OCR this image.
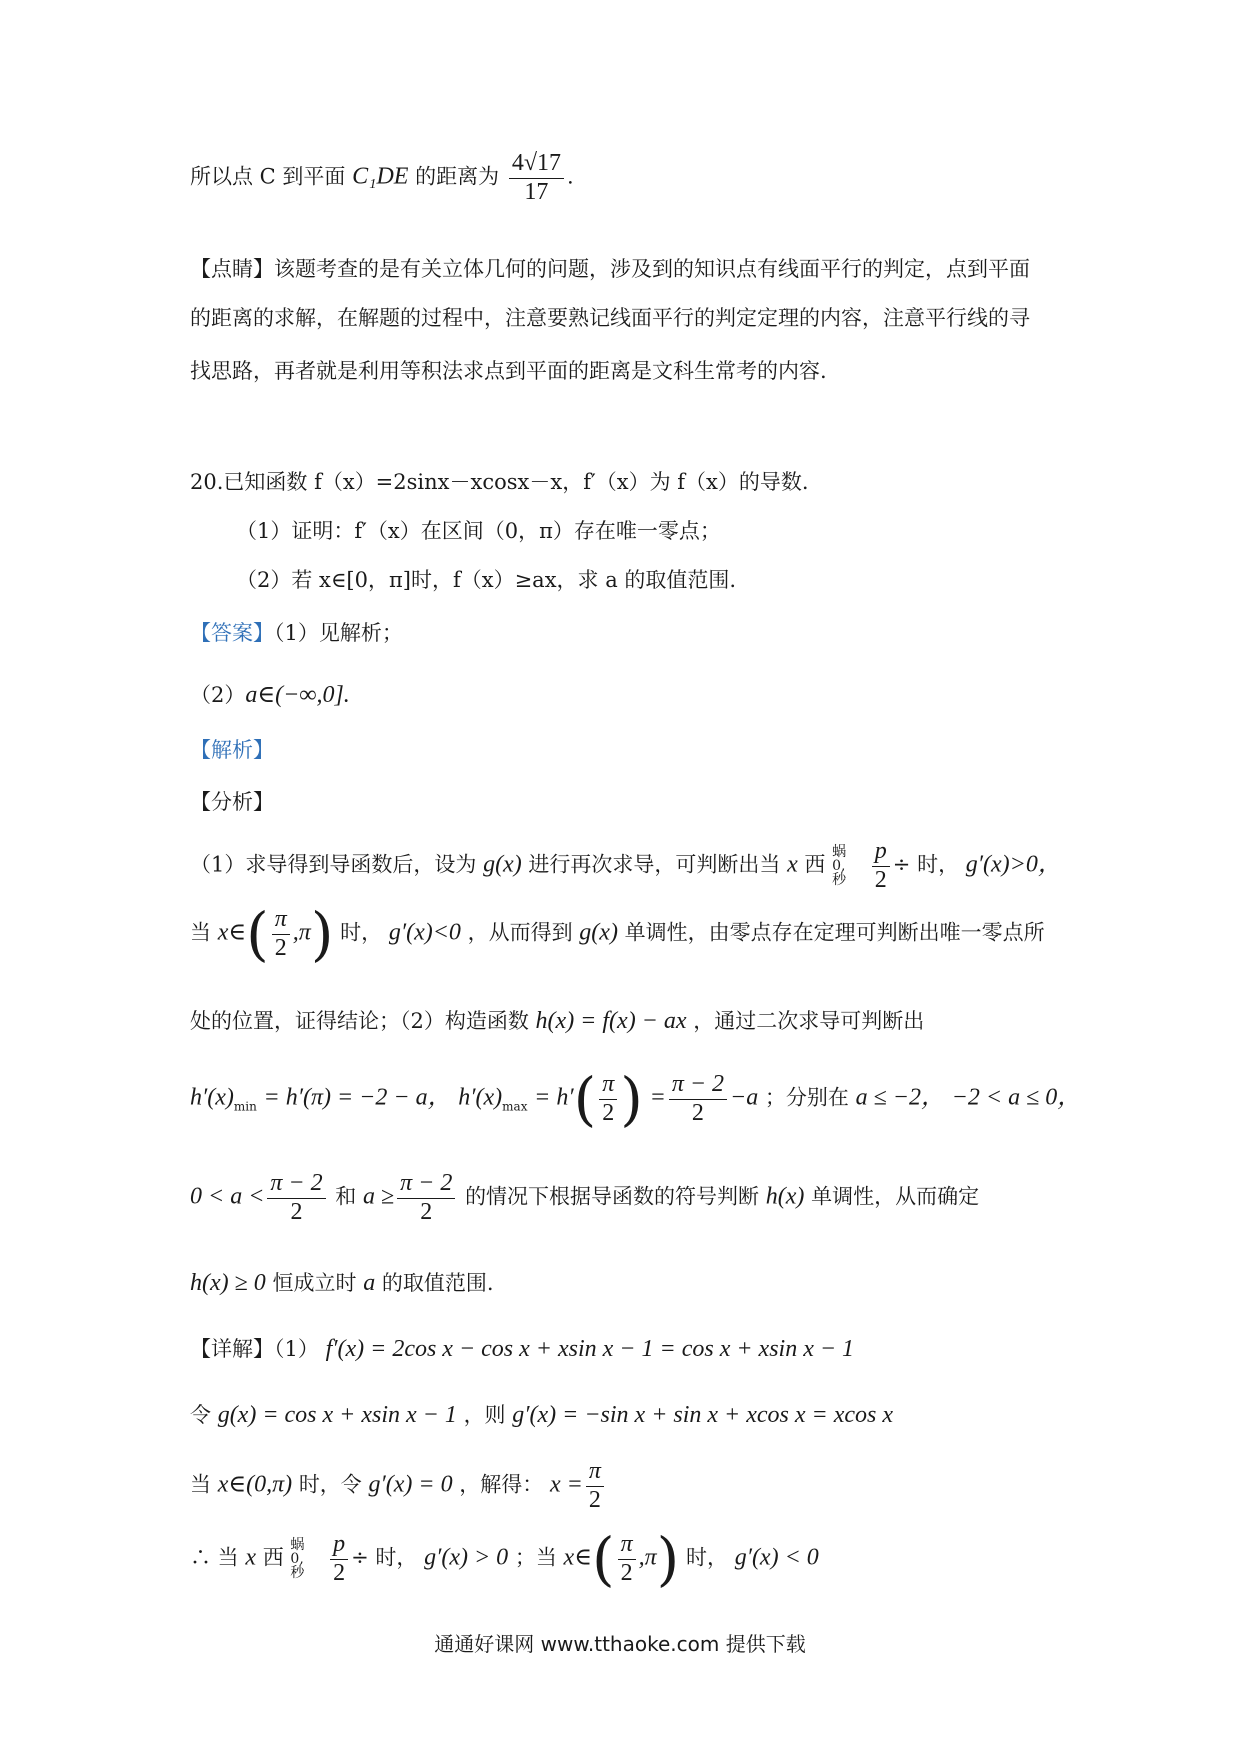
所以点 C 到平面 C₁DE 的距离为 $\frac{4√17}{17}$ .
【点睛】该题考查的是有关立体几何的问题，涉及到的知识点有线面平行的判定，点到平面
的距离的求解，在解题的过程中，注意要熟记线面平行的判定定理的内容，注意平行线的寻
找思路，再者就是利用等积法求点到平面的距离是文科生常考的内容.
20.已知函数 f（x）=2sinx－xcosx－x，f′（x）为 f（x）的导数.
（1）证明：f′（x）在区间（0，π）存在唯一零点；
（2）若 x∈[0，π]时，f（x）≥ax，求 a 的取值范围.
【答案】（1）见解析；
（2）a∈(−∞,0].
【解析】
【分析】
（1）求导得到导函数后，设为 g(x) 进行再次求导，可判断出当 x 西 蜗
0,
秒 $\frac{p}{2}$ ÷ 时， g′(x)>0，
当 x∈( $\frac{\pi}{2} ,\pi$) 时， g′(x)<0 ，从而得到 g(x) 单调性，由零点存在定理可判断出唯一零点所
处的位置，证得结论；（2）构造函数 h(x) = f(x) − ax ，通过二次求导可判断出
$h'(x)_{min} = h'(\pi) = -2 - a$， $h'(x)_{max} = h'( \frac{\pi}{2}$ ) = $\frac{\pi - 2}{2} -a$ ；分别在 a ≤ −2， −2 < a ≤ 0，
$0 < a < \frac{\pi - 2}{2}$ 和 $a \ge \frac{\pi - 2}{2}$ 的情况下根据导函数的符号判断 h(x) 单调性，从而确定
h(x) ≥ 0 恒成立时 a 的取值范围.
【详解】（1） f′(x) = 2cos x − cos x + xsin x − 1 = cos x + xsin x − 1
令 g(x) = cos x + xsin x − 1 ，则 g′(x) = −sin x + sin x + xcos x = xcos x
当 x∈(0,π) 时，令 g′(x) = 0 ，解得： $x = \frac{\pi}{2}$
∴ 当 x 西 蜗
0,
秒 $\frac{p}{2}$ ÷ 时， g′(x) > 0 ；当 x∈( $\frac{\pi}{2} ,\pi$) 时， g′(x) < 0
通通好课网 www.tthaoke.com 提供下载
